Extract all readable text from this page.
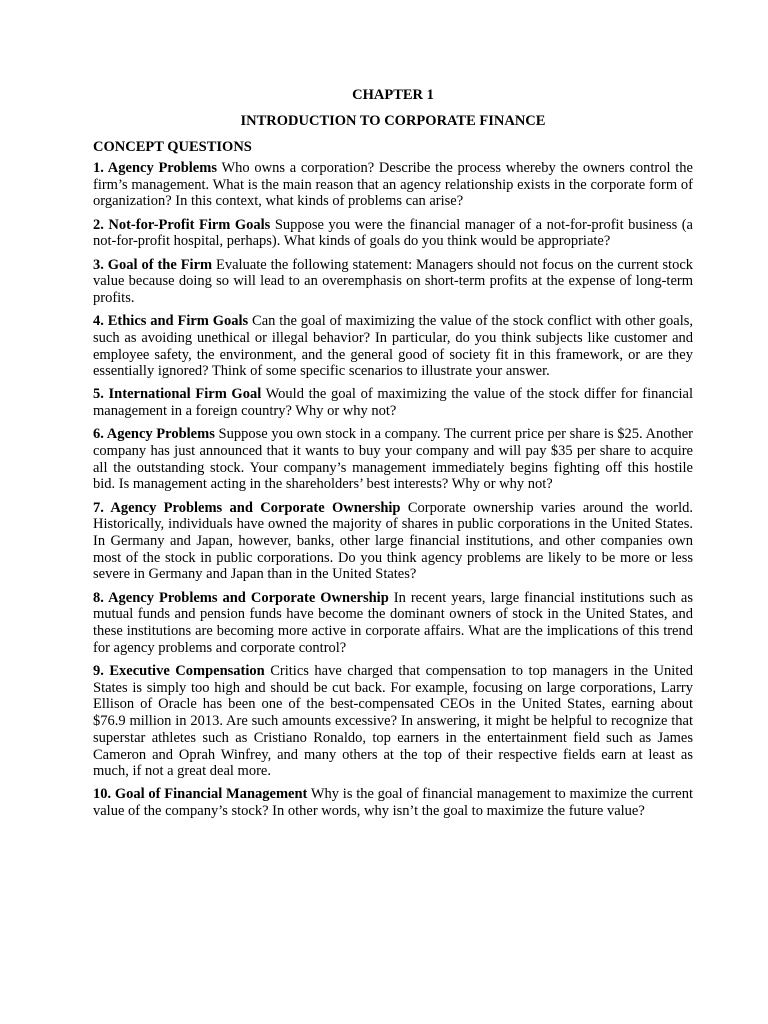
CHAPTER 1
INTRODUCTION TO CORPORATE FINANCE
CONCEPT QUESTIONS

1. Agency Problems Who owns a corporation? Describe the process whereby the owners control the firm’s management. What is the main reason that an agency relationship exists in the corporate form of organization? In this context, what kinds of problems can arise?

2. Not-for-Profit Firm Goals Suppose you were the financial manager of a not-for-profit business (a not-for-profit hospital, perhaps). What kinds of goals do you think would be appropriate?

3. Goal of the Firm Evaluate the following statement: Managers should not focus on the current stock value because doing so will lead to an overemphasis on short-term profits at the expense of long-term profits.

4. Ethics and Firm Goals Can the goal of maximizing the value of the stock conflict with other goals, such as avoiding unethical or illegal behavior? In particular, do you think subjects like customer and employee safety, the environment, and the general good of society fit in this framework, or are they essentially ignored? Think of some specific scenarios to illustrate your answer.

5. International Firm Goal Would the goal of maximizing the value of the stock differ for financial management in a foreign country? Why or why not?

6. Agency Problems Suppose you own stock in a company. The current price per share is $25. Another company has just announced that it wants to buy your company and will pay $35 per share to acquire all the outstanding stock. Your company’s management immediately begins fighting off this hostile bid. Is management acting in the shareholders’ best interests? Why or why not?

7. Agency Problems and Corporate Ownership Corporate ownership varies around the world. Historically, individuals have owned the majority of shares in public corporations in the United States. In Germany and Japan, however, banks, other large financial institutions, and other companies own most of the stock in public corporations. Do you think agency problems are likely to be more or less severe in Germany and Japan than in the United States?

8. Agency Problems and Corporate Ownership In recent years, large financial institutions such as mutual funds and pension funds have become the dominant owners of stock in the United States, and these institutions are becoming more active in corporate affairs. What are the implications of this trend for agency problems and corporate control?

9. Executive Compensation Critics have charged that compensation to top managers in the United States is simply too high and should be cut back. For example, focusing on large corporations, Larry Ellison of Oracle has been one of the best-compensated CEOs in the United States, earning about $76.9 million in 2013. Are such amounts excessive? In answering, it might be helpful to recognize that superstar athletes such as Cristiano Ronaldo, top earners in the entertainment field such as James Cameron and Oprah Winfrey, and many others at the top of their respective fields earn at least as much, if not a great deal more.

10. Goal of Financial Management Why is the goal of financial management to maximize the current value of the company’s stock? In other words, why isn’t the goal to maximize the future value?
